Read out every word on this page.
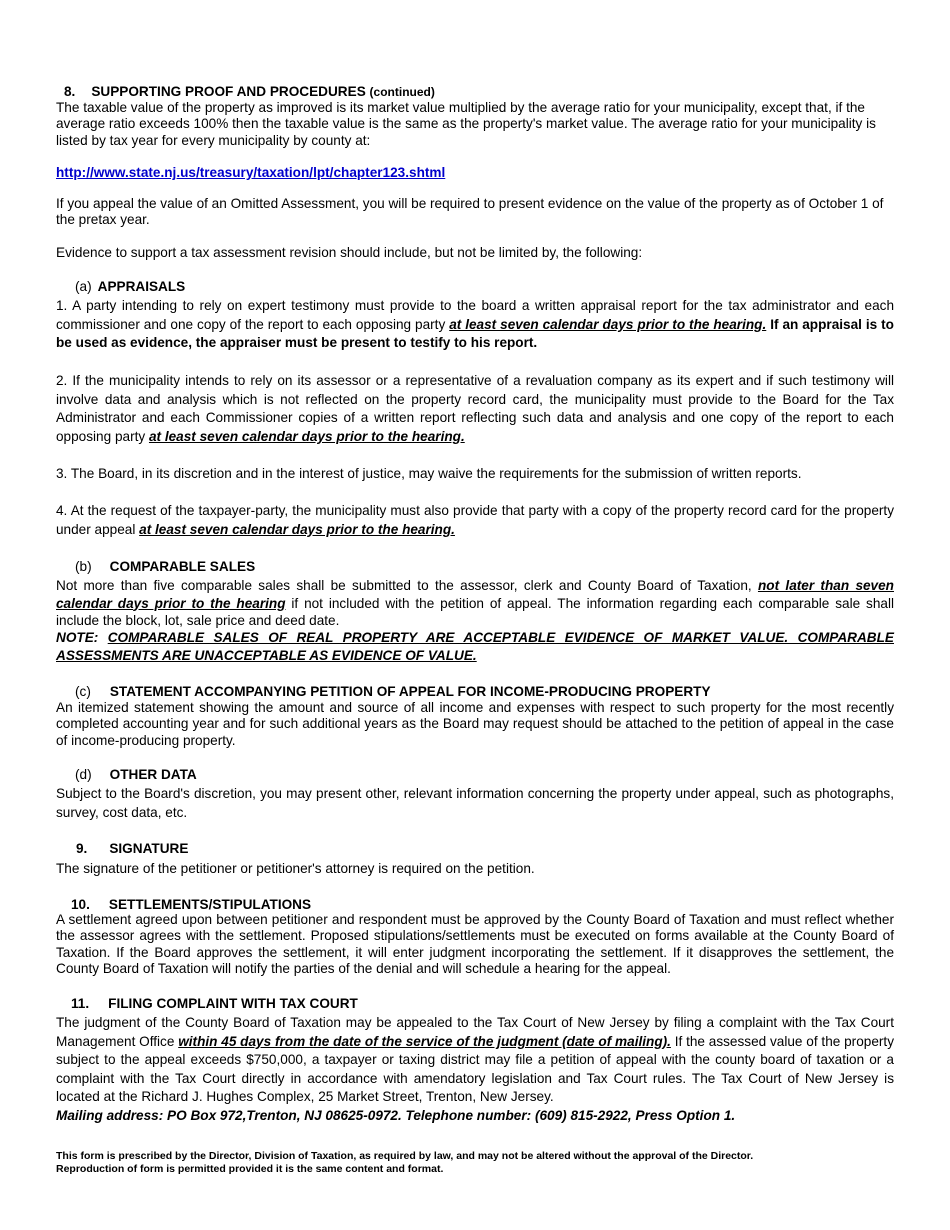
8. SUPPORTING PROOF AND PROCEDURES (continued)

The taxable value of the property as improved is its market value multiplied by the average ratio for your municipality, except that, if the average ratio exceeds 100% then the taxable value is the same as the property's market value. The average ratio for your municipality is listed by tax year for every municipality by county at:

http://www.state.nj.us/treasury/taxation/lpt/chapter123.shtml

If you appeal the value of an Omitted Assessment, you will be required to present evidence on the value of the property as of October 1 of the pretax year.

Evidence to support a tax assessment revision should include, but not be limited by, the following:

(a) APPRAISALS

1. A party intending to rely on expert testimony must provide to the board a written appraisal report for the tax administrator and each commissioner and one copy of the report to each opposing party at least seven calendar days prior to the hearing. If an appraisal is to be used as evidence, the appraiser must be present to testify to his report.

2. If the municipality intends to rely on its assessor or a representative of a revaluation company as its expert and if such testimony will involve data and analysis which is not reflected on the property record card, the municipality must provide to the Board for the Tax Administrator and each Commissioner copies of a written report reflecting such data and analysis and one copy of the report to each opposing party at least seven calendar days prior to the hearing.

3. The Board, in its discretion and in the interest of justice, may waive the requirements for the submission of written reports.

4. At the request of the taxpayer-party, the municipality must also provide that party with a copy of the property record card for the property under appeal at least seven calendar days prior to the hearing.

(b) COMPARABLE SALES

Not more than five comparable sales shall be submitted to the assessor, clerk and County Board of Taxation, not later than seven calendar days prior to the hearing if not included with the petition of appeal. The information regarding each comparable sale shall include the block, lot, sale price and deed date.

NOTE: COMPARABLE SALES OF REAL PROPERTY ARE ACCEPTABLE EVIDENCE OF MARKET VALUE. COMPARABLE ASSESSMENTS ARE UNACCEPTABLE AS EVIDENCE OF VALUE.

(c) STATEMENT ACCOMPANYING PETITION OF APPEAL FOR INCOME-PRODUCING PROPERTY

An itemized statement showing the amount and source of all income and expenses with respect to such property for the most recently completed accounting year and for such additional years as the Board may request should be attached to the petition of appeal in the case of income-producing property.

(d) OTHER DATA

Subject to the Board's discretion, you may present other, relevant information concerning the property under appeal, such as photographs, survey, cost data, etc.

9. SIGNATURE

The signature of the petitioner or petitioner's attorney is required on the petition.

10. SETTLEMENTS/STIPULATIONS

A settlement agreed upon between petitioner and respondent must be approved by the County Board of Taxation and must reflect whether the assessor agrees with the settlement. Proposed stipulations/settlements must be executed on forms available at the County Board of Taxation. If the Board approves the settlement, it will enter judgment incorporating the settlement. If it disapproves the settlement, the County Board of Taxation will notify the parties of the denial and will schedule a hearing for the appeal.

11. FILING COMPLAINT WITH TAX COURT

The judgment of the County Board of Taxation may be appealed to the Tax Court of New Jersey by filing a complaint with the Tax Court Management Office within 45 days from the date of the service of the judgment (date of mailing). If the assessed value of the property subject to the appeal exceeds $750,000, a taxpayer or taxing district may file a petition of appeal with the county board of taxation or a complaint with the Tax Court directly in accordance with amendatory legislation and Tax Court rules. The Tax Court of New Jersey is located at the Richard J. Hughes Complex, 25 Market Street, Trenton, New Jersey.

Mailing address: PO Box 972,Trenton, NJ 08625-0972. Telephone number: (609) 815-2922, Press Option 1.

This form is prescribed by the Director, Division of Taxation, as required by law, and may not be altered without the approval of the Director.
Reproduction of form is permitted provided it is the same content and format.
